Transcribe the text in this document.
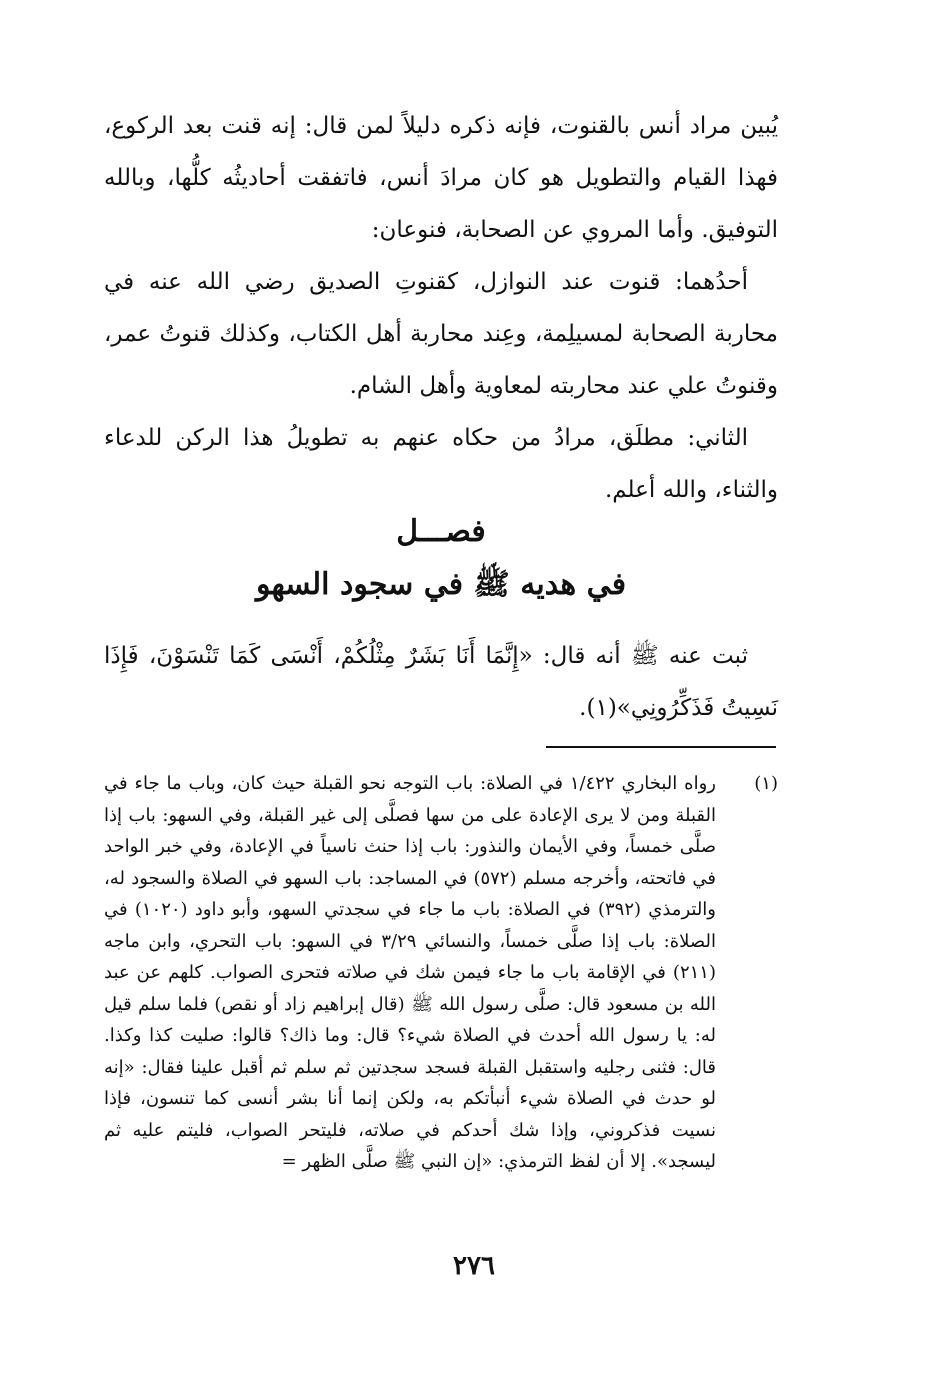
يُبين مراد أنس بالقنوت، فإنه ذكره دليلاً لمن قال: إنه قنت بعد الركوع، فهذا القيام والتطويل هو كان مرادَ أنس، فاتفقت أحاديثُه كلُّها، وبالله التوفيق. وأما المروي عن الصحابة، فنوعان:

أحدُهما: قنوت عند النوازل، كقنوتِ الصديق رضي الله عنه في محاربة الصحابة لمسيلِمة، وعِند محاربة أهل الكتاب، وكذلك قنوتُ عمر، وقنوتُ علي عند محاربته لمعاوية وأهل الشام.

الثاني: مطلَق، مرادُ من حكاه عنهم به تطويلُ هذا الركن للدعاء والثناء، والله أعلم.

فصـــل
في هديه ﷺ في سجود السهو

ثبت عنه ﷺ أنه قال: «إِنَّمَا أَنَا بَشَرٌ مِثْلُكُمْ، أَنْسَى كَمَا تَنْسَوْنَ، فَإِذَا نَسِيتُ فَذَكِّرُونِي»(١).

(١)
رواه البخاري ١/٤٢٢ في الصلاة: باب التوجه نحو القبلة حيث كان، وباب ما جاء في القبلة ومن لا يرى الإعادة على من سها فصلَّى إلى غير القبلة، وفي السهو: باب إذا صلَّى خمساً، وفي الأيمان والنذور: باب إذا حنث ناسياً في الإعادة، وفي خبر الواحد في فاتحته، وأخرجه مسلم (٥٧٢) في المساجد: باب السهو في الصلاة والسجود له، والترمذي (٣٩٢) في الصلاة: باب ما جاء في سجدتي السهو، وأبو داود (١٠٢٠) في الصلاة: باب إذا صلَّى خمساً، والنسائي ٣/٢٩ في السهو: باب التحري، وابن ماجه (٢١١) في الإقامة باب ما جاء فيمن شك في صلاته فتحرى الصواب. كلهم عن عبد الله بن مسعود قال: صلَّى رسول الله ﷺ (قال إبراهيم زاد أو نقص) فلما سلم قيل له: يا رسول الله أحدث في الصلاة شيء؟ قال: وما ذاك؟ قالوا: صليت كذا وكذا. قال: فثنى رجليه واستقبل القبلة فسجد سجدتين ثم سلم ثم أقبل علينا فقال: «إنه لو حدث في الصلاة شيء أنبأتكم به، ولكن إنما أنا بشر أنسى كما تنسون، فإذا نسيت فذكروني، وإذا شك أحدكم في صلاته، فليتحر الصواب، فليتم عليه ثم ليسجد». إلا أن لفظ الترمذي: «إن النبي ﷺ صلَّى الظهر =
٢٧٦
